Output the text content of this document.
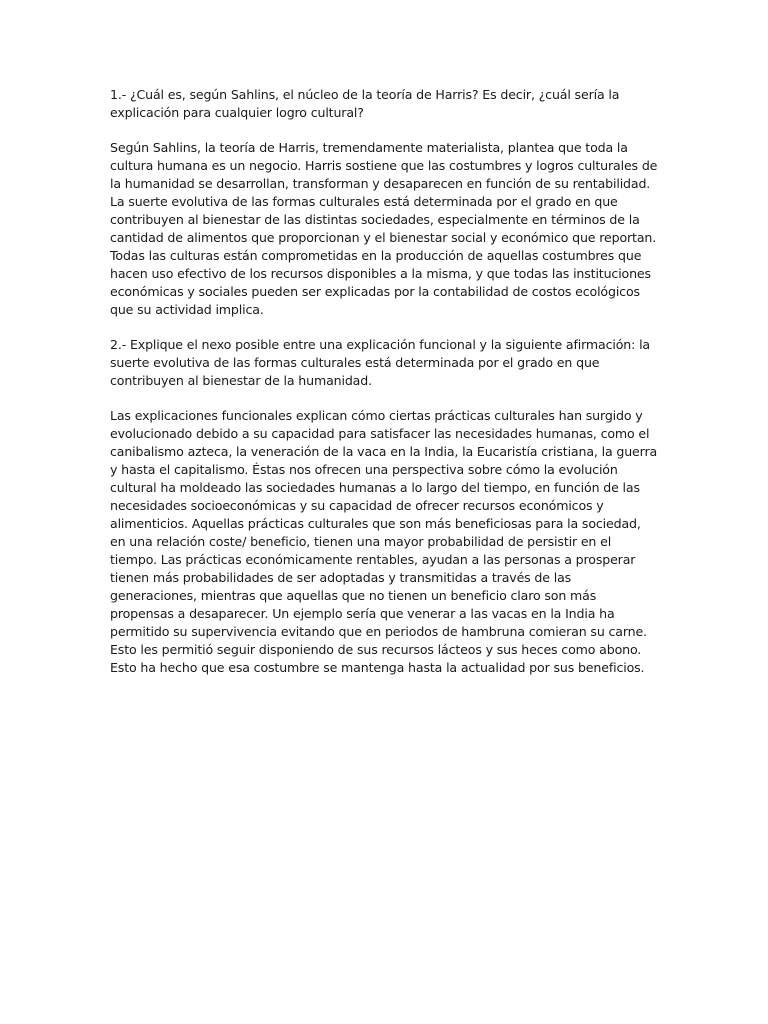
1.- ¿Cuál es, según Sahlins, el núcleo de la teoría de Harris? Es decir, ¿cuál sería la explicación para cualquier logro cultural?

Según Sahlins, la teoría de Harris, tremendamente materialista, plantea que toda la cultura humana es un negocio. Harris sostiene que las costumbres y logros culturales de la humanidad se desarrollan, transforman y desaparecen en función de su rentabilidad. La suerte evolutiva de las formas culturales está determinada por el grado en que contribuyen al bienestar de las distintas sociedades, especialmente en términos de la cantidad de alimentos que proporcionan y el bienestar social y económico que reportan. Todas las culturas están comprometidas en la producción de aquellas costumbres que hacen uso efectivo de los recursos disponibles a la misma, y que todas las instituciones económicas y sociales pueden ser explicadas por la contabilidad de costos ecológicos que su actividad implica.

2.- Explique el nexo posible entre una explicación funcional y la siguiente afirmación: la suerte evolutiva de las formas culturales está determinada por el grado en que contribuyen al bienestar de la humanidad.

Las explicaciones funcionales explican cómo ciertas prácticas culturales han surgido y evolucionado debido a su capacidad para satisfacer las necesidades humanas, como el canibalismo azteca, la veneración de la vaca en la India, la Eucaristía cristiana, la guerra y hasta el capitalismo. Éstas nos ofrecen una perspectiva sobre cómo la evolución cultural ha moldeado las sociedades humanas a lo largo del tiempo, en función de las necesidades socioeconómicas y su capacidad de ofrecer recursos económicos y alimenticios. Aquellas prácticas culturales que son más beneficiosas para la sociedad, en una relación coste/ beneficio, tienen una mayor probabilidad de persistir en el tiempo. Las prácticas económicamente rentables, ayudan a las personas a prosperar tienen más probabilidades de ser adoptadas y transmitidas a través de las generaciones, mientras que aquellas que no tienen un beneficio claro son más propensas a desaparecer. Un ejemplo sería que venerar a las vacas en la India ha permitido su supervivencia evitando que en periodos de hambruna comieran su carne. Esto les permitió seguir disponiendo de sus recursos lácteos y sus heces como abono. Esto ha hecho que esa costumbre se mantenga hasta la actualidad por sus beneficios.
